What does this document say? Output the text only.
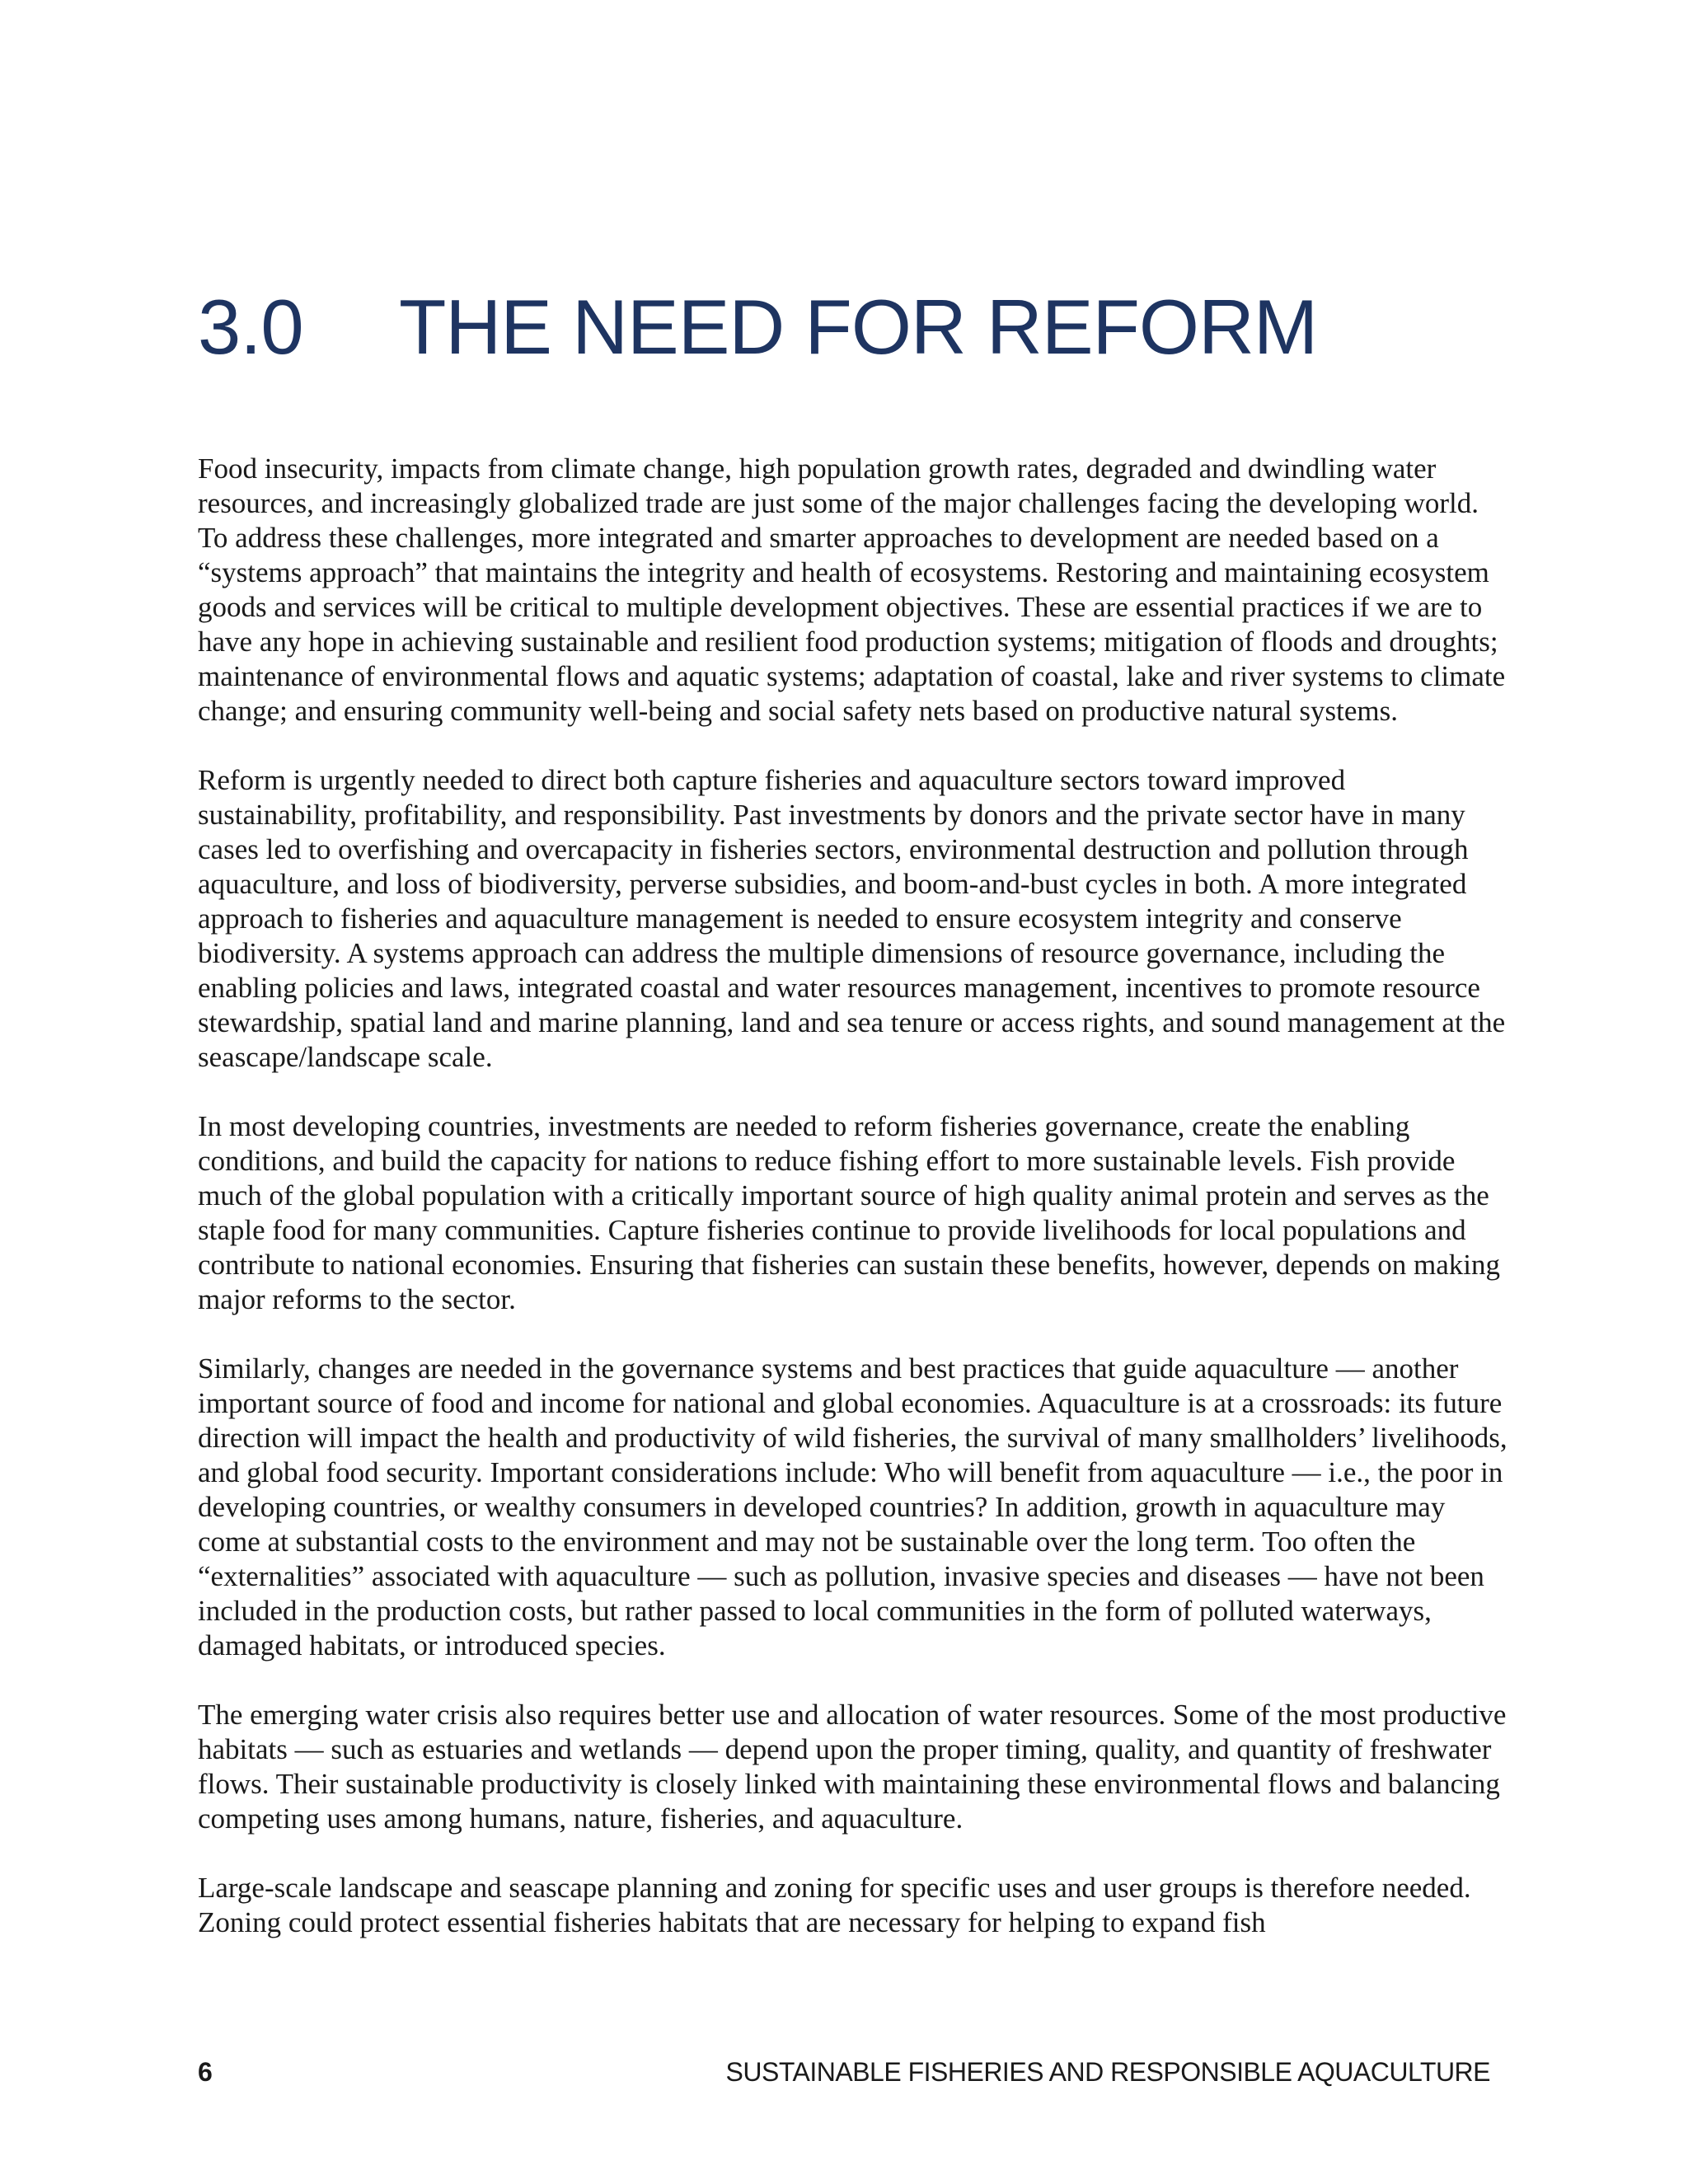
3.0 THE NEED FOR REFORM

Food insecurity, impacts from climate change, high population growth rates, degraded and dwindling water resources, and increasingly globalized trade are just some of the major challenges facing the developing world. To address these challenges, more integrated and smarter approaches to development are needed based on a “systems approach” that maintains the integrity and health of ecosystems. Restoring and maintaining ecosystem goods and services will be critical to multiple development objectives. These are essential practices if we are to have any hope in achieving sustainable and resilient food production systems; mitigation of floods and droughts; maintenance of environmental flows and aquatic systems; adaptation of coastal, lake and river systems to climate change; and ensuring community well-being and social safety nets based on productive natural systems.

Reform is urgently needed to direct both capture fisheries and aquaculture sectors toward improved sustainability, profitability, and responsibility. Past investments by donors and the private sector have in many cases led to overfishing and overcapacity in fisheries sectors, environmental destruction and pollution through aquaculture, and loss of biodiversity, perverse subsidies, and boom-and-bust cycles in both. A more integrated approach to fisheries and aquaculture management is needed to ensure ecosystem integrity and conserve biodiversity. A systems approach can address the multiple dimensions of resource governance, including the enabling policies and laws, integrated coastal and water resources management, incentives to promote resource stewardship, spatial land and marine planning, land and sea tenure or access rights, and sound management at the seascape/landscape scale.

In most developing countries, investments are needed to reform fisheries governance, create the enabling conditions, and build the capacity for nations to reduce fishing effort to more sustainable levels. Fish provide much of the global population with a critically important source of high quality animal protein and serves as the staple food for many communities. Capture fisheries continue to provide livelihoods for local populations and contribute to national economies. Ensuring that fisheries can sustain these benefits, however, depends on making major reforms to the sector.

Similarly, changes are needed in the governance systems and best practices that guide aquaculture — another important source of food and income for national and global economies. Aquaculture is at a crossroads: its future direction will impact the health and productivity of wild fisheries, the survival of many smallholders’ livelihoods, and global food security. Important considerations include: Who will benefit from aquaculture — i.e., the poor in developing countries, or wealthy consumers in developed countries? In addition, growth in aquaculture may come at substantial costs to the environment and may not be sustainable over the long term. Too often the “externalities” associated with aquaculture — such as pollution, invasive species and diseases — have not been included in the production costs, but rather passed to local communities in the form of polluted waterways, damaged habitats, or introduced species.

The emerging water crisis also requires better use and allocation of water resources. Some of the most productive habitats — such as estuaries and wetlands — depend upon the proper timing, quality, and quantity of freshwater flows. Their sustainable productivity is closely linked with maintaining these environmental flows and balancing competing uses among humans, nature, fisheries, and aquaculture.

Large-scale landscape and seascape planning and zoning for specific uses and user groups is therefore needed. Zoning could protect essential fisheries habitats that are necessary for helping to expand fish

6	SUSTAINABLE FISHERIES AND RESPONSIBLE AQUACULTURE
